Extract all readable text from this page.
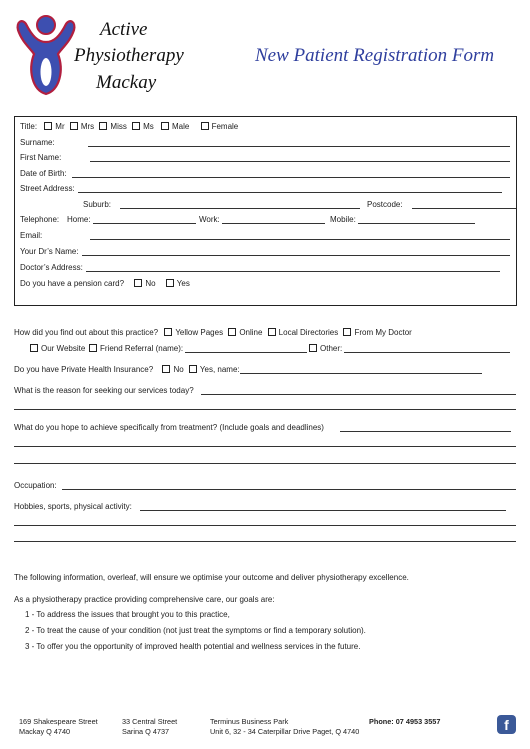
Active
Physiotherapy
Mackay
New Patient Registration Form
Title: Mr Mrs Miss Ms Male	Female
Surname:
First Name:
Date of Birth:
Street Address:
Suburb:	Postcode:
Telephone: Home:	Work:	Mobile:
Email:
Your Dr’s Name:
Doctor’s Address:
Do you have a pension card?	No	Yes
How did you find out about this practice? Yellow Pages Online Local Directories From My Doctor
Our Website	Friend Referral (name):	Other:
Do you have Private Health Insurance?	No Yes, name:
What is the reason for seeking our services today?
What do you hope to achieve specifically from treatment? (Include goals and deadlines)
Occupation:
Hobbies, sports, physical activity:
The following information, overleaf, will ensure we optimise your outcome and deliver physiotherapy excellence.
As a physiotherapy practice providing comprehensive care, our goals are:
1 - To address the issues that brought you to this practice,
2 - To treat the cause of your condition (not just treat the symptoms or find a temporary solution).
3 - To offer you the opportunity of improved health potential and wellness services in the future.
169 Shakespeare Street
Mackay Q 4740
33 Central Street
Sarina Q 4737
Terminus Business Park
Unit 6, 32 - 34 Caterpillar Drive Paget, Q 4740
Phone: 07 4953 3557	f
